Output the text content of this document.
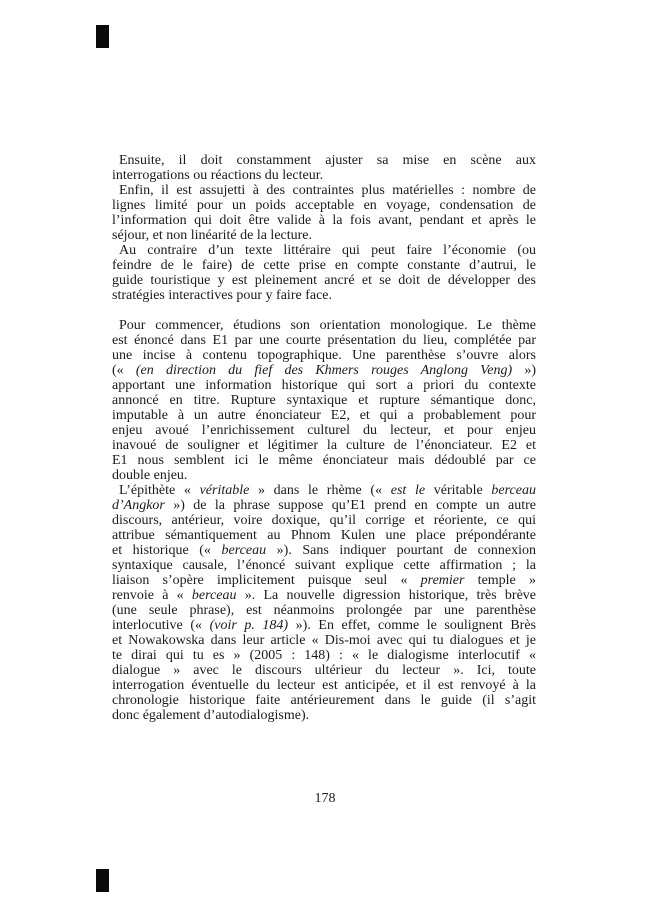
Ensuite, il doit constamment ajuster sa mise en scène aux
interrogations ou réactions du lecteur.
Enfin, il est assujetti à des contraintes plus matérielles : nombre de
lignes limité pour un poids acceptable en voyage, condensation de
l’information qui doit être valide à la fois avant, pendant et après le
séjour, et non linéarité de la lecture.
Au contraire d’un texte littéraire qui peut faire l’économie (ou
feindre de le faire) de cette prise en compte constante d’autrui, le
guide touristique y est pleinement ancré et se doit de développer des
stratégies interactives pour y faire face.
Pour commencer, étudions son orientation monologique. Le thème
est énoncé dans E1 par une courte présentation du lieu, complétée par
une incise à contenu topographique. Une parenthèse s’ouvre alors
(« (en direction du fief des Khmers rouges Anglong Veng) »)
apportant une information historique qui sort a priori du contexte
annoncé en titre. Rupture syntaxique et rupture sémantique donc,
imputable à un autre énonciateur E2, et qui a probablement pour
enjeu avoué l’enrichissement culturel du lecteur, et pour enjeu
inavoué de souligner et légitimer la culture de l’énonciateur. E2 et
E1 nous semblent ici le même énonciateur mais dédoublé par ce
double enjeu.
L’épithète « véritable » dans le rhème (« est le véritable berceau
d’Angkor ») de la phrase suppose qu’E1 prend en compte un autre
discours, antérieur, voire doxique, qu’il corrige et réoriente, ce qui
attribue sémantiquement au Phnom Kulen une place prépondérante
et historique (« berceau »). Sans indiquer pourtant de connexion
syntaxique causale, l’énoncé suivant explique cette affirmation ; la
liaison s’opère implicitement puisque seul « premier temple »
renvoie à « berceau ». La nouvelle digression historique, très brève
(une seule phrase), est néanmoins prolongée par une parenthèse
interlocutive (« (voir p. 184) »). En effet, comme le soulignent Brès
et Nowakowska dans leur article « Dis-moi avec qui tu dialogues et je
te dirai qui tu es » (2005 : 148) : « le dialogisme interlocutif «
dialogue » avec le discours ultérieur du lecteur ». Ici, toute
interrogation éventuelle du lecteur est anticipée, et il est renvoyé à la
chronologie historique faite antérieurement dans le guide (il s’agit
donc également d’autodialogisme).
178
